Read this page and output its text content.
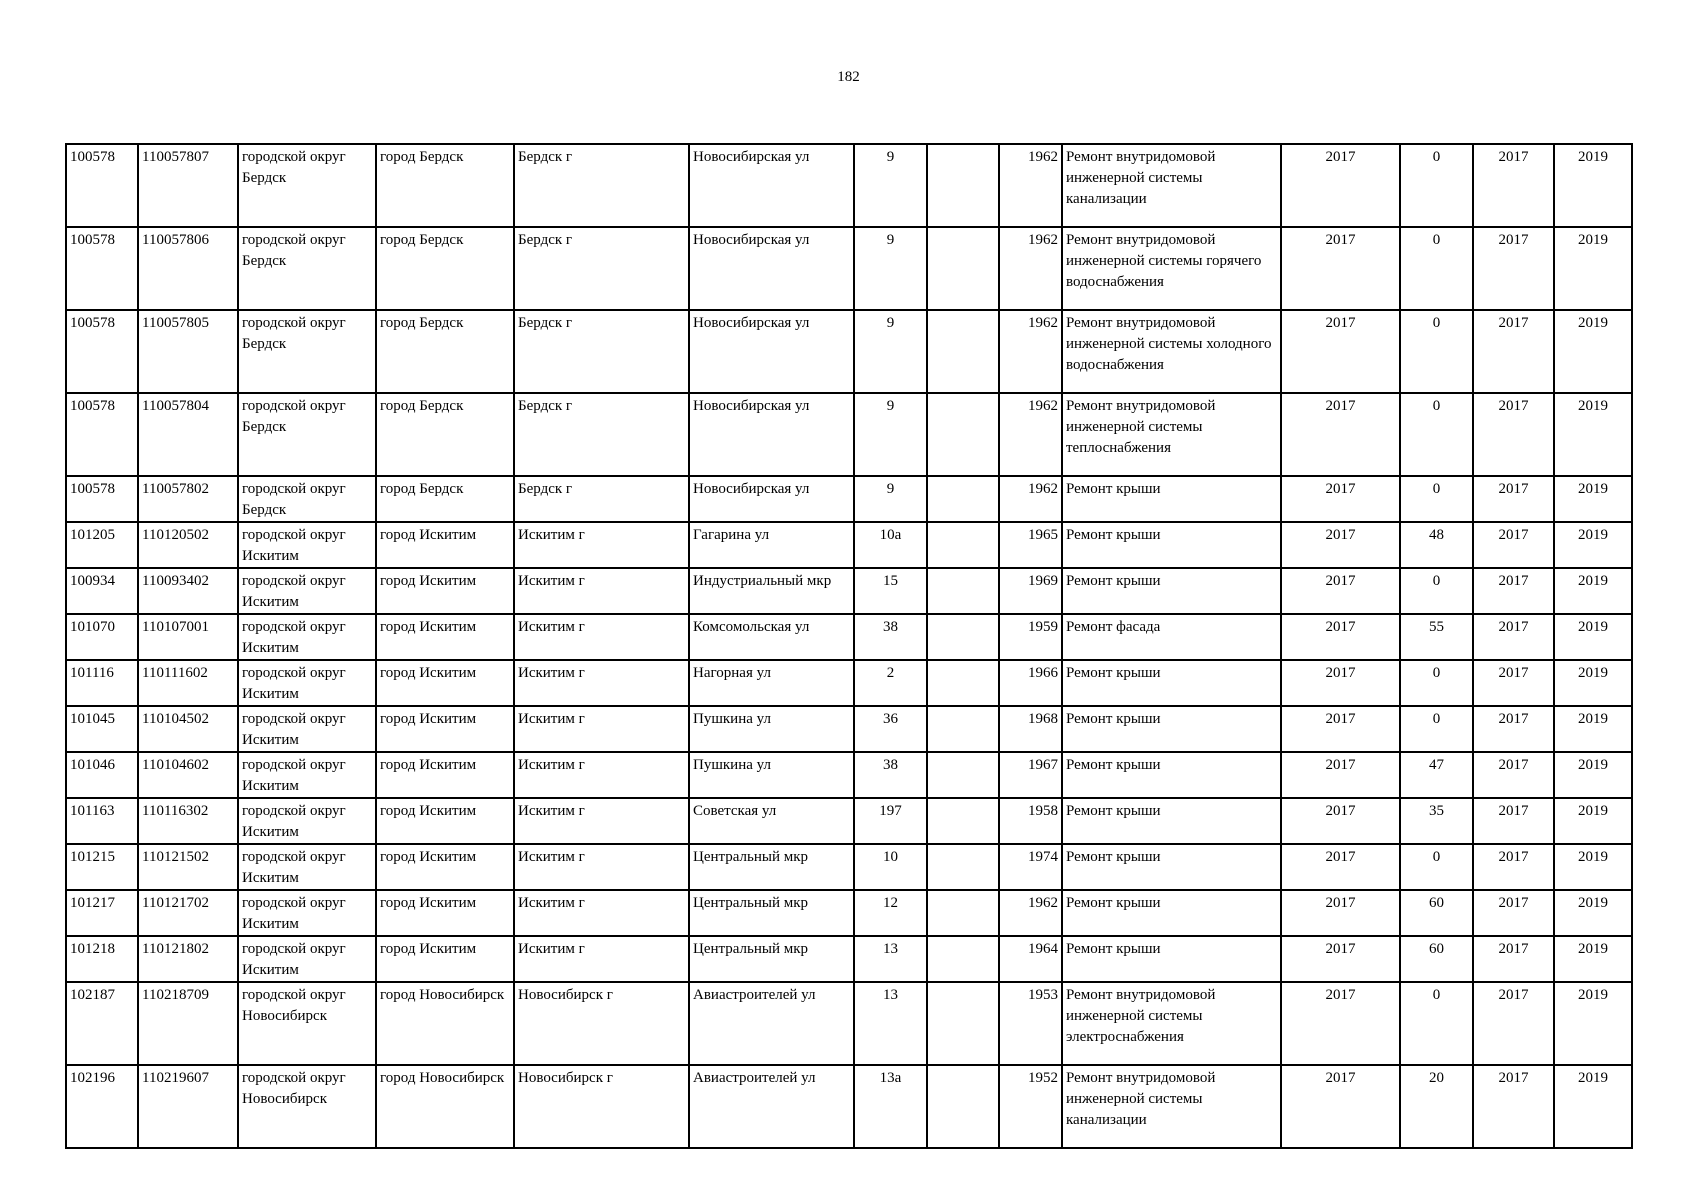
182
100578	110057807	городской округ Бердск	город Бердск	Бердск г	Новосибирская ул	9		1962	Ремонт внутридомовой инженерной системы канализации	2017	0	2017	2019
100578	110057806	городской округ Бердск	город Бердск	Бердск г	Новосибирская ул	9		1962	Ремонт внутридомовой инженерной системы горячего водоснабжения	2017	0	2017	2019
100578	110057805	городской округ Бердск	город Бердск	Бердск г	Новосибирская ул	9		1962	Ремонт внутридомовой инженерной системы холодного водоснабжения	2017	0	2017	2019
100578	110057804	городской округ Бердск	город Бердск	Бердск г	Новосибирская ул	9		1962	Ремонт внутридомовой инженерной системы теплоснабжения	2017	0	2017	2019
100578	110057802	городской округ Бердск	город Бердск	Бердск г	Новосибирская ул	9		1962	Ремонт крыши	2017	0	2017	2019
101205	110120502	городской округ Искитим	город Искитим	Искитим г	Гагарина ул	10а		1965	Ремонт крыши	2017	48	2017	2019
100934	110093402	городской округ Искитим	город Искитим	Искитим г	Индустриальный мкр	15		1969	Ремонт крыши	2017	0	2017	2019
101070	110107001	городской округ Искитим	город Искитим	Искитим г	Комсомольская ул	38		1959	Ремонт фасада	2017	55	2017	2019
101116	110111602	городской округ Искитим	город Искитим	Искитим г	Нагорная ул	2		1966	Ремонт крыши	2017	0	2017	2019
101045	110104502	городской округ Искитим	город Искитим	Искитим г	Пушкина ул	36		1968	Ремонт крыши	2017	0	2017	2019
101046	110104602	городской округ Искитим	город Искитим	Искитим г	Пушкина ул	38		1967	Ремонт крыши	2017	47	2017	2019
101163	110116302	городской округ Искитим	город Искитим	Искитим г	Советская ул	197		1958	Ремонт крыши	2017	35	2017	2019
101215	110121502	городской округ Искитим	город Искитим	Искитим г	Центральный мкр	10		1974	Ремонт крыши	2017	0	2017	2019
101217	110121702	городской округ Искитим	город Искитим	Искитим г	Центральный мкр	12		1962	Ремонт крыши	2017	60	2017	2019
101218	110121802	городской округ Искитим	город Искитим	Искитим г	Центральный мкр	13		1964	Ремонт крыши	2017	60	2017	2019
102187	110218709	городской округ Новосибирск	город Новосибирск	Новосибирск г	Авиастроителей ул	13		1953	Ремонт внутридомовой инженерной системы электроснабжения	2017	0	2017	2019
102196	110219607	городской округ Новосибирск	город Новосибирск	Новосибирск г	Авиастроителей ул	13а		1952	Ремонт внутридомовой инженерной системы канализации	2017	20	2017	2019
